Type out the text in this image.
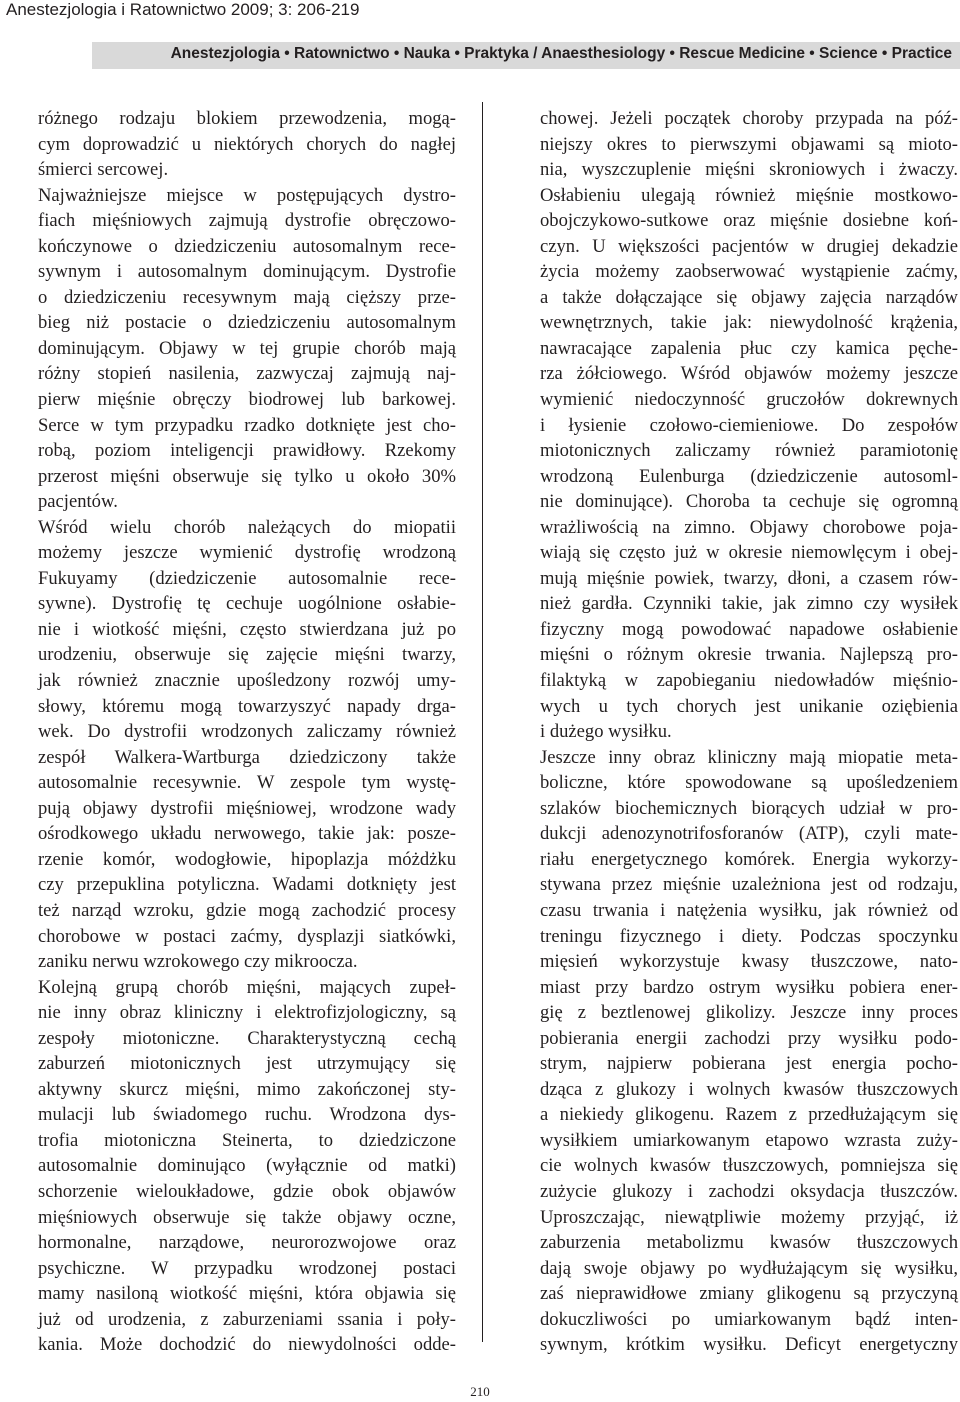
Anestezjologia i Ratownictwo 2009; 3: 206-219
Anestezjologia • Ratownictwo • Nauka • Praktyka / Anaesthesiology • Rescue Medicine • Science • Practice
różnego rodzaju blokiem przewodzenia, mogą-
cym doprowadzić u niektórych chorych do nagłej
śmierci sercowej.
Najważniejsze miejsce w postępujących dystro-
fiach mięśniowych zajmują dystrofie obręczowo-
kończynowe o dziedziczeniu autosomalnym rece-
sywnym i autosomalnym dominującym. Dystrofie
o dziedziczeniu recesywnym mają cięższy prze-
bieg niż postacie o dziedziczeniu autosomalnym
dominującym. Objawy w tej grupie chorób mają
różny stopień nasilenia, zazwyczaj zajmują naj-
pierw mięśnie obręczy biodrowej lub barkowej.
Serce w tym przypadku rzadko dotknięte jest cho-
robą, poziom inteligencji prawidłowy. Rzekomy
przerost mięśni obserwuje się tylko u około 30%
pacjentów.
Wśród wielu chorób należących do miopatii
możemy jeszcze wymienić dystrofię wrodzoną
Fukuyamy (dziedziczenie autosomalnie rece-
sywne). Dystrofię tę cechuje uogólnione osłabie-
nie i wiotkość mięśni, często stwierdzana już po
urodzeniu, obserwuje się zajęcie mięśni twarzy,
jak również znacznie upośledzony rozwój umy-
słowy, któremu mogą towarzyszyć napady drga-
wek. Do dystrofii wrodzonych zaliczamy również
zespół Walkera-Wartburga dziedziczony także
autosomalnie recesywnie. W zespole tym wystę-
pują objawy dystrofii mięśniowej, wrodzone wady
ośrodkowego układu nerwowego, takie jak: posze-
rzenie komór, wodogłowie, hipoplazja móżdżku
czy przepuklina potyliczna. Wadami dotknięty jest
też narząd wzroku, gdzie mogą zachodzić procesy
chorobowe w postaci zaćmy, dysplazji siatkówki,
zaniku nerwu wzrokowego czy mikroocza.
Kolejną grupą chorób mięśni, mających zupeł-
nie inny obraz kliniczny i elektrofizjologiczny, są
zespoły miotoniczne. Charakterystyczną cechą
zaburzeń miotonicznych jest utrzymujący się
aktywny skurcz mięśni, mimo zakończonej sty-
mulacji lub świadomego ruchu. Wrodzona dys-
trofia miotoniczna Steinerta, to dziedziczone
autosomalnie dominująco (wyłącznie od matki)
schorzenie wieloukładowe, gdzie obok objawów
mięśniowych obserwuje się także objawy oczne,
hormonalne, narządowe, neurorozwojowe oraz
psychiczne. W przypadku wrodzonej postaci
mamy nasiloną wiotkość mięśni, która objawia się
już od urodzenia, z zaburzeniami ssania i poły-
kania. Może dochodzić do niewydolności odde-
chowej. Jeżeli początek choroby przypada na póź-
niejszy okres to pierwszymi objawami są mioto-
nia, wyszczuplenie mięśni skroniowych i żwaczy.
Osłabieniu ulegają również mięśnie mostkowo-
obojczykowo-sutkowe oraz mięśnie dosiebne koń-
czyn. U większości pacjentów w drugiej dekadzie
życia możemy zaobserwować wystąpienie zaćmy,
a także dołączające się objawy zajęcia narządów
wewnętrznych, takie jak: niewydolność krążenia,
nawracające zapalenia płuc czy kamica pęche-
rza żółciowego. Wśród objawów możemy jeszcze
wymienić niedoczynność gruczołów dokrewnych
i łysienie czołowo-ciemieniowe. Do zespołów
miotonicznych zaliczamy również paramiotonię
wrodzoną Eulenburga (dziedziczenie autosoml-
nie dominujące). Choroba ta cechuje się ogromną
wrażliwością na zimno. Objawy chorobowe poja-
wiają się często już w okresie niemowlęcym i obej-
mują mięśnie powiek, twarzy, dłoni, a czasem rów-
nież gardła. Czynniki takie, jak zimno czy wysiłek
fizyczny mogą powodować napadowe osłabienie
mięśni o różnym okresie trwania. Najlepszą pro-
filaktyką w zapobieganiu niedowładów mięśnio-
wych u tych chorych jest unikanie oziębienia
i dużego wysiłku.
Jeszcze inny obraz kliniczny mają miopatie meta-
boliczne, które spowodowane są upośledzeniem
szlaków biochemicznych biorących udział w pro-
dukcji adenozynotrifosforanów (ATP), czyli mate-
riału energetycznego komórek. Energia wykorzy-
stywana przez mięśnie uzależniona jest od rodzaju,
czasu trwania i natężenia wysiłku, jak również od
treningu fizycznego i diety. Podczas spoczynku
mięsień wykorzystuje kwasy tłuszczowe, nato-
miast przy bardzo ostrym wysiłku pobiera ener-
gię z beztlenowej glikolizy. Jeszcze inny proces
pobierania energii zachodzi przy wysiłku podo-
strym, najpierw pobierana jest energia pocho-
dząca z glukozy i wolnych kwasów tłuszczowych
a niekiedy glikogenu. Razem z przedłużającym się
wysiłkiem umiarkowanym etapowo wzrasta zuży-
cie wolnych kwasów tłuszczowych, pomniejsza się
zużycie glukozy i zachodzi oksydacja tłuszczów.
Uproszczając, niewątpliwie możemy przyjąć, iż
zaburzenia metabolizmu kwasów tłuszczowych
dają swoje objawy po wydłużającym się wysiłku,
zaś nieprawidłowe zmiany glikogenu są przyczyną
dokuczliwości po umiarkowanym bądź inten-
sywnym, krótkim wysiłku. Deficyt energetyczny
210
